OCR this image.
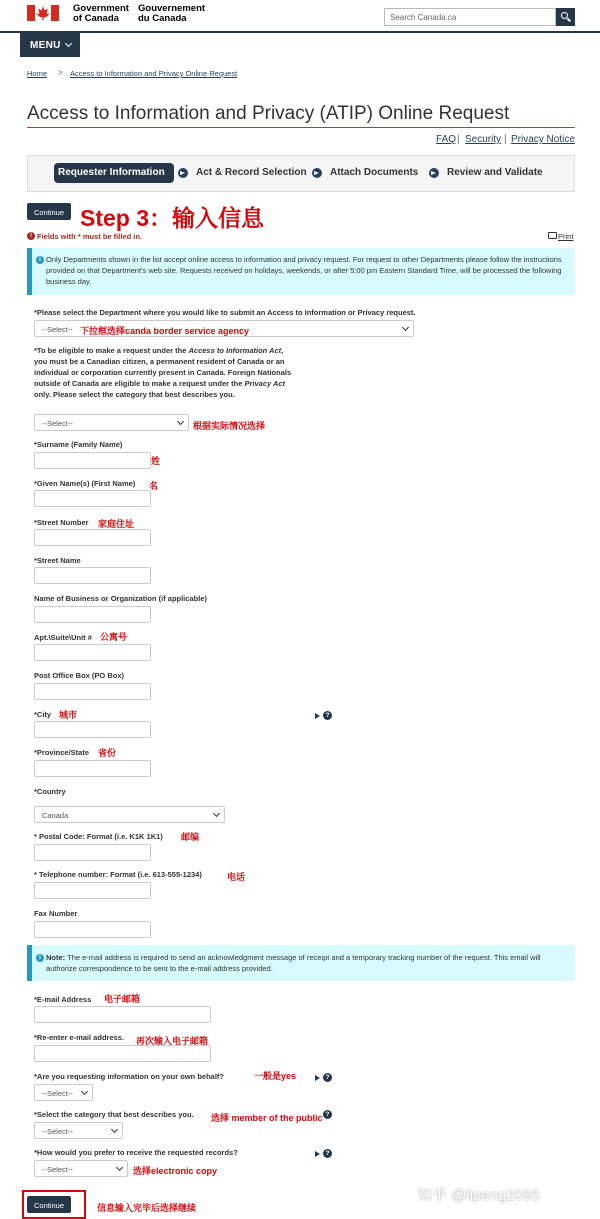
Government
of Canada
Gouvernement
du Canada	Search Canada.ca
MENU
Home > Access to Information and Privacy Online Request
Access to Information and Privacy (ATIP) Online Request
FAQ | Security | Privacy Notice
Requester Information	Act & Record Selection Attach Documents	Review and Validate
Continue Step 3：输入信息
! Fields with * must be filled in.	Print
i Only Departments shown in the list accept online access to information and privacy request. For request to other Departments please follow the instructions provided on that Department's web site. Requests received on holidays, weekends, or after 5:00 pm Eastern Standard Time, will be processed the following business day.
*Please select the Department where you would like to submit an Access to Information or Privacy request.
--Select-- 下拉框选择canda border service agency
*To be eligible to make a request under the Access to Information Act, you must be a Canadian citizen, a permanent resident of Canada or an individual or corporation currently present in Canada. Foreign Nationals outside of Canada are eligible to make a request under the Privacy Act only. Please select the category that best describes you.
--Select--	根据实际情况选择
*Surname (Family Name)
姓
*Given Name(s) (First Name) 名
*Street Number 家庭住址
*Street Name
Name of Business or Organization (if applicable)
Apt.\Suite\Unit # 公寓号
Post Office Box (PO Box)
*City 城市	?
*Province/State 省份
*Country
Canada
* Postal Code: Format (i.e. K1K 1K1) 邮编
* Telephone number: Format (i.e. 613-555-1234)	电话
Fax Number
i Note: The e-mail address is required to send an acknowledgment message of receipt and a temporary tracking number of the request. This email will authorize correspondence to be sent to the e-mail address provided.
*E-mail Address 电子邮箱
*Re-enter e-mail address. 再次输入电子邮箱
*Are you requesting information on your own behalf?
--Select--
一般是yes	?
*Select the category that best describes you.
--Select--
选择 member of the public ?
*How would you prefer to receive the requested records?
--Select--	选择electronic copy
?
Continue	信息输入完毕后选择继续
知乎 @lipeng2095
